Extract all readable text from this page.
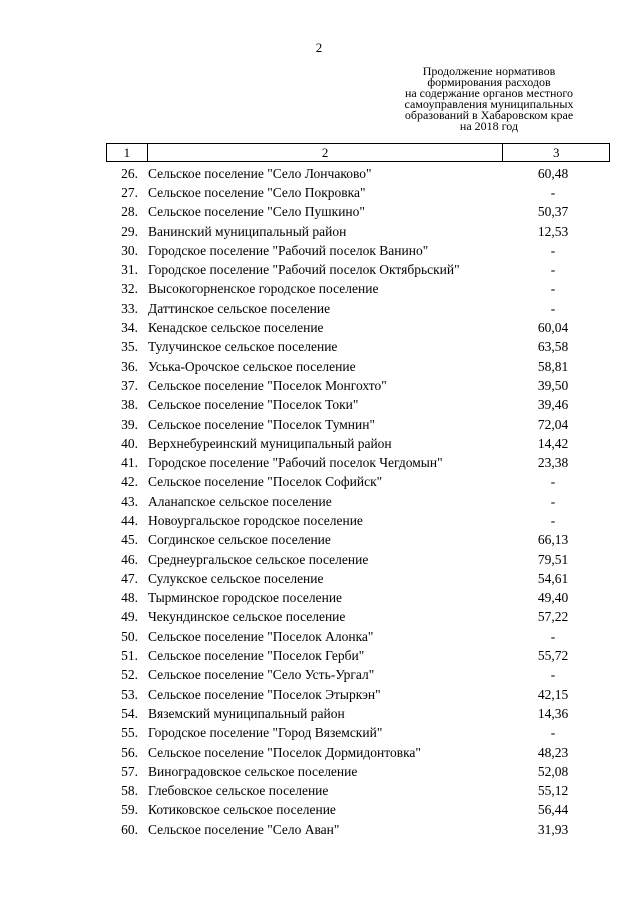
2
Продолжение нормативов
формирования расходов
на содержание органов местного
самоуправления муниципальных
образований в Хабаровском крае
на 2018 год
1	2	3
26. Сельское поселение "Село Лончаково"	60,48
27. Сельское поселение "Село Покровка"	-
28. Сельское поселение "Село Пушкино"	50,37
29. Ванинский муниципальный район	12,53
30. Городское поселение "Рабочий поселок Ванино"	-
31. Городское поселение "Рабочий поселок Октябрьский"	-
32. Высокогорненское городское поселение	-
33. Даттинское сельское поселение	-
34. Кенадское сельское поселение	60,04
35. Тулучинское сельское поселение	63,58
36. Уська-Орочское сельское поселение	58,81
37. Сельское поселение "Поселок Монгохто"	39,50
38. Сельское поселение "Поселок Токи"	39,46
39. Сельское поселение "Поселок Тумнин"	72,04
40. Верхнебуреинский муниципальный район	14,42
41. Городское поселение "Рабочий поселок Чегдомын"	23,38
42. Сельское поселение "Поселок Софийск"	-
43. Аланапское сельское поселение	-
44. Новоургальское городское поселение	-
45. Согдинское сельское поселение	66,13
46. Среднеургальское сельское поселение	79,51
47. Сулукское сельское поселение	54,61
48. Тырминское городское поселение	49,40
49. Чекундинское сельское поселение	57,22
50. Сельское поселение "Поселок Алонка"	-
51. Сельское поселение "Поселок Герби"	55,72
52. Сельское поселение "Село Усть-Ургал"	-
53. Сельское поселение "Поселок Этыркэн"	42,15
54. Вяземский муниципальный район	14,36
55. Городское поселение "Город Вяземский"	-
56. Сельское поселение "Поселок Дормидонтовка"	48,23
57. Виноградовское сельское поселение	52,08
58. Глебовское сельское поселение	55,12
59. Котиковское сельское поселение	56,44
60. Сельское поселение "Село Аван"	31,93
